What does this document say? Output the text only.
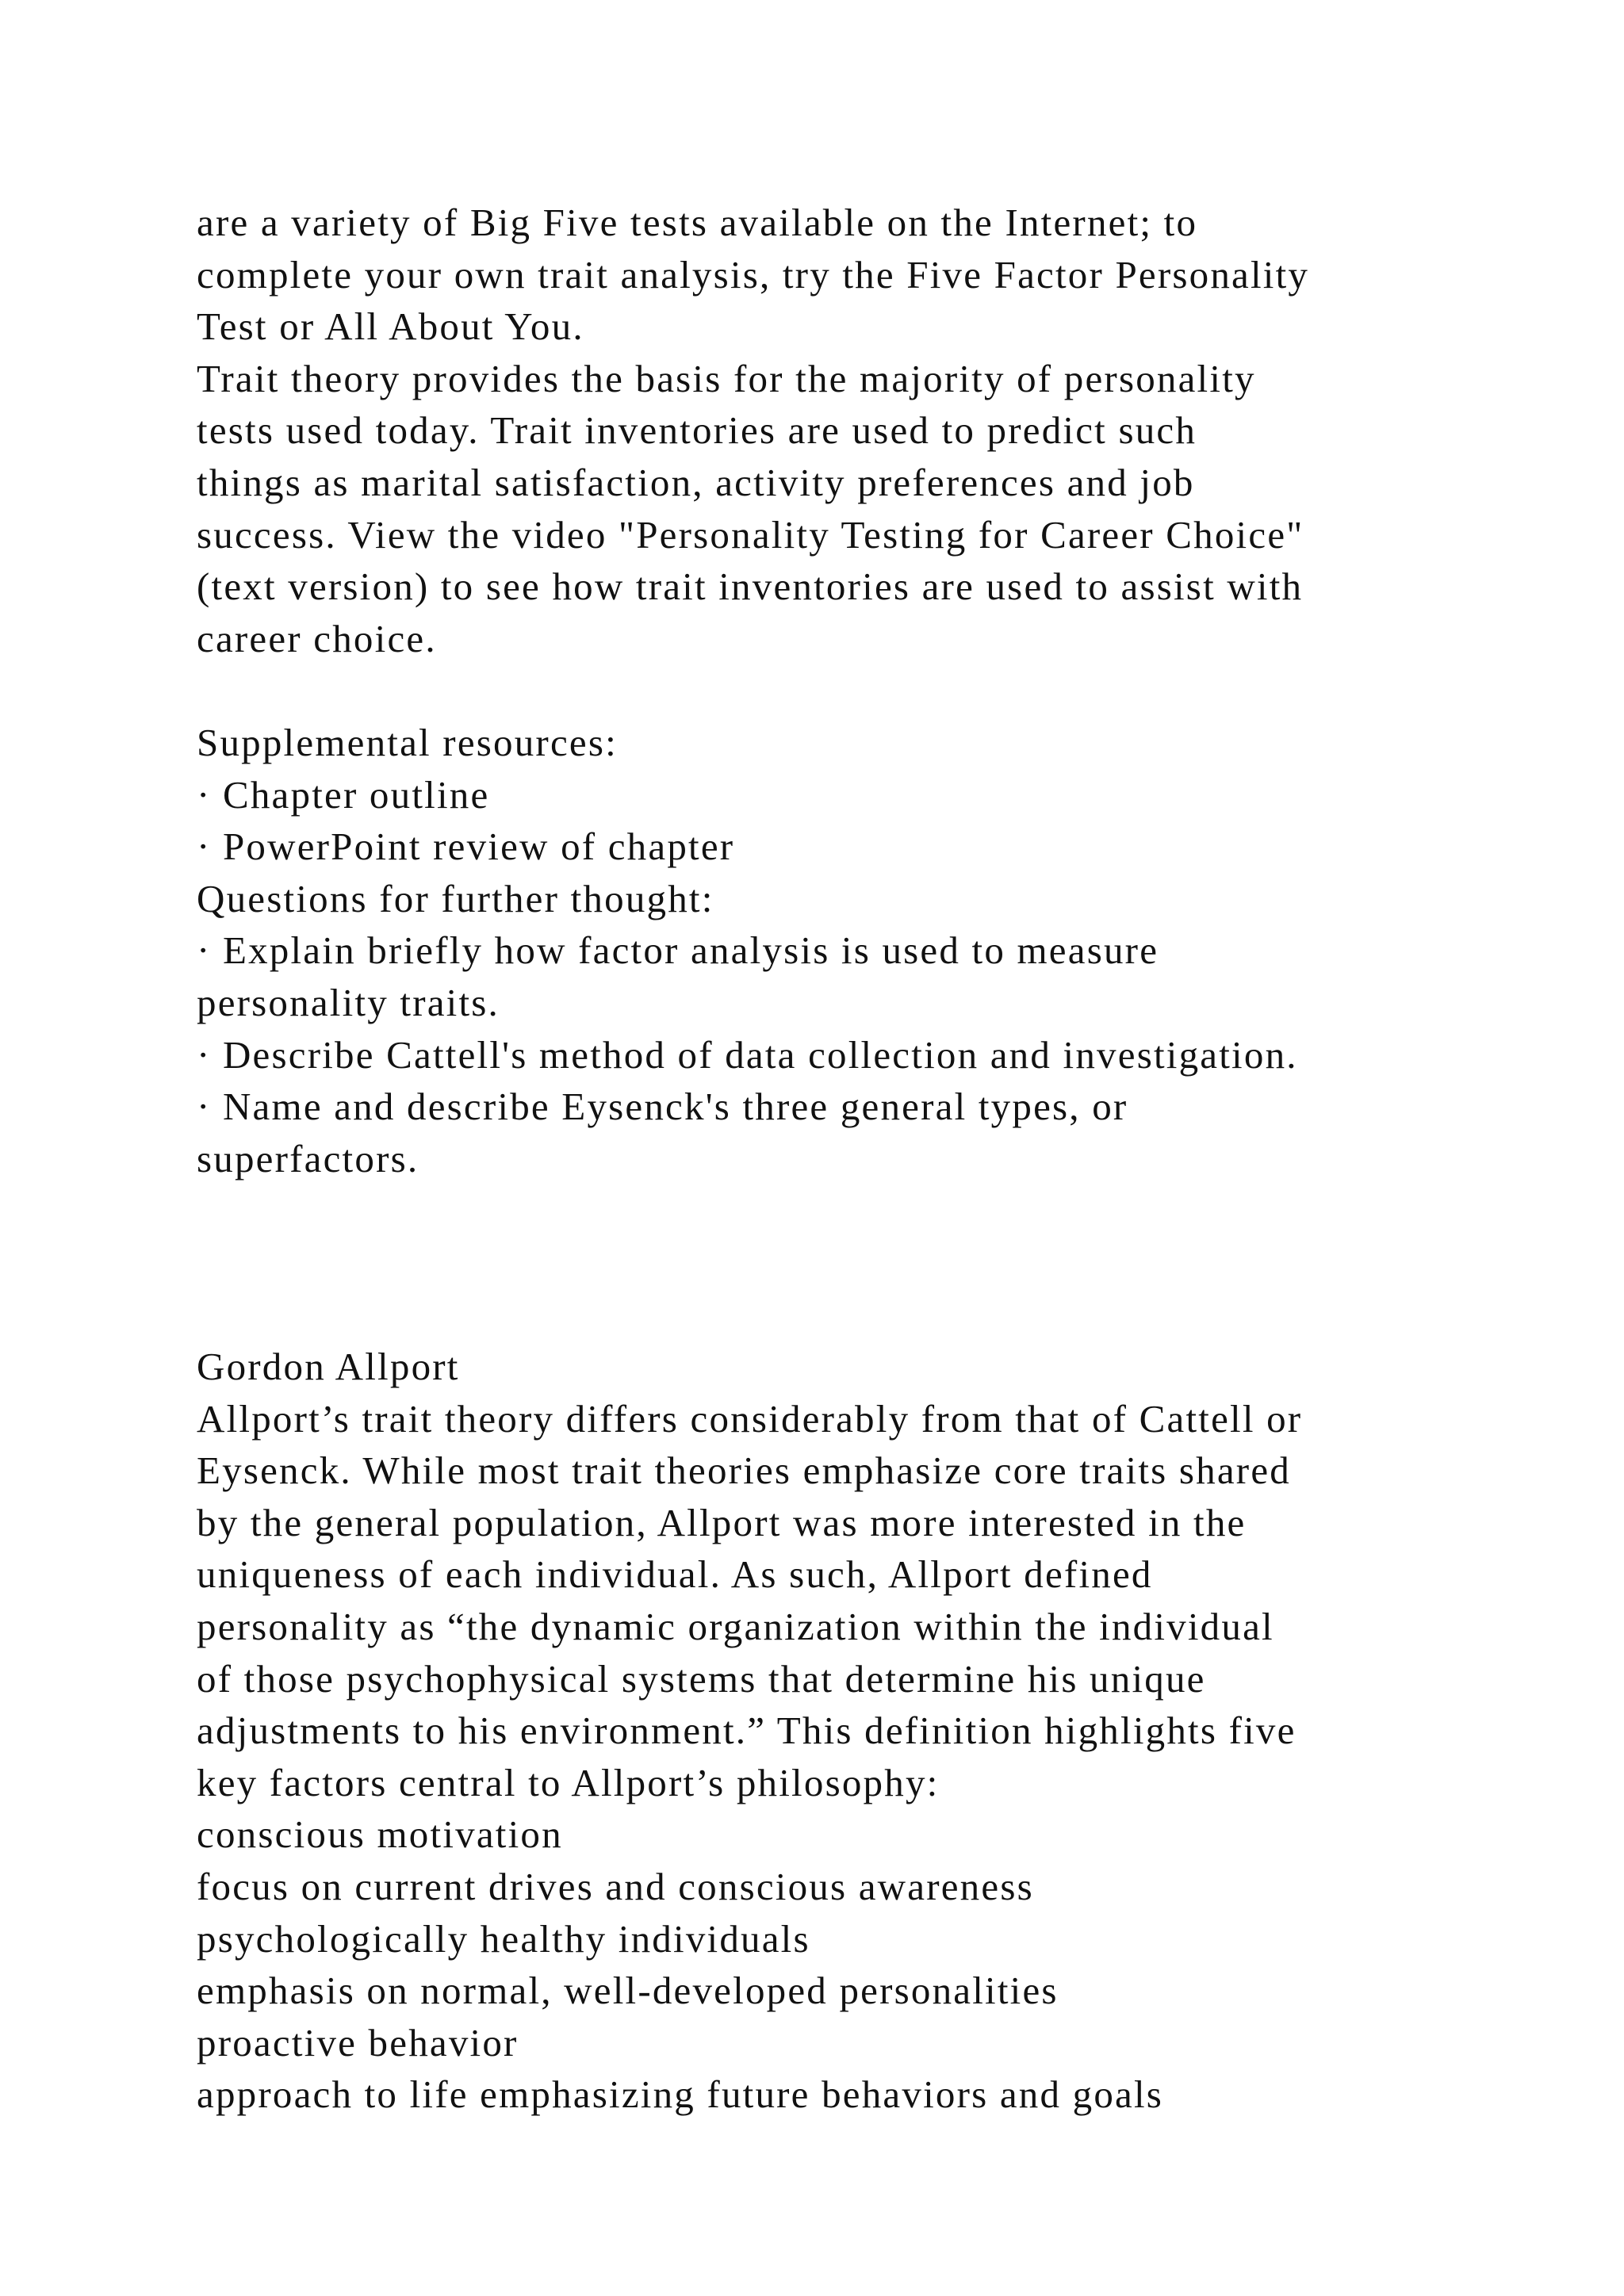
are a variety of Big Five tests available on the Internet; to
complete your own trait analysis, try the Five Factor Personality
Test or All About You.
Trait theory provides the basis for the majority of personality
tests used today. Trait inventories are used to predict such
things as marital satisfaction, activity preferences and job
success. View the video "Personality Testing for Career Choice"
(text version) to see how trait inventories are used to assist with
career choice.
Supplemental resources:
· Chapter outline
· PowerPoint review of chapter
Questions for further thought:
· Explain briefly how factor analysis is used to measure
personality traits.
· Describe Cattell's method of data collection and investigation.
· Name and describe Eysenck's three general types, or
superfactors.
Gordon Allport
Allport’s trait theory differs considerably from that of Cattell or
Eysenck. While most trait theories emphasize core traits shared
by the general population, Allport was more interested in the
uniqueness of each individual. As such, Allport defined
personality as “the dynamic organization within the individual
of those psychophysical systems that determine his unique
adjustments to his environment.” This definition highlights five
key factors central to Allport’s philosophy:
conscious motivation
focus on current drives and conscious awareness
psychologically healthy individuals
emphasis on normal, well-developed personalities
proactive behavior
approach to life emphasizing future behaviors and goals
